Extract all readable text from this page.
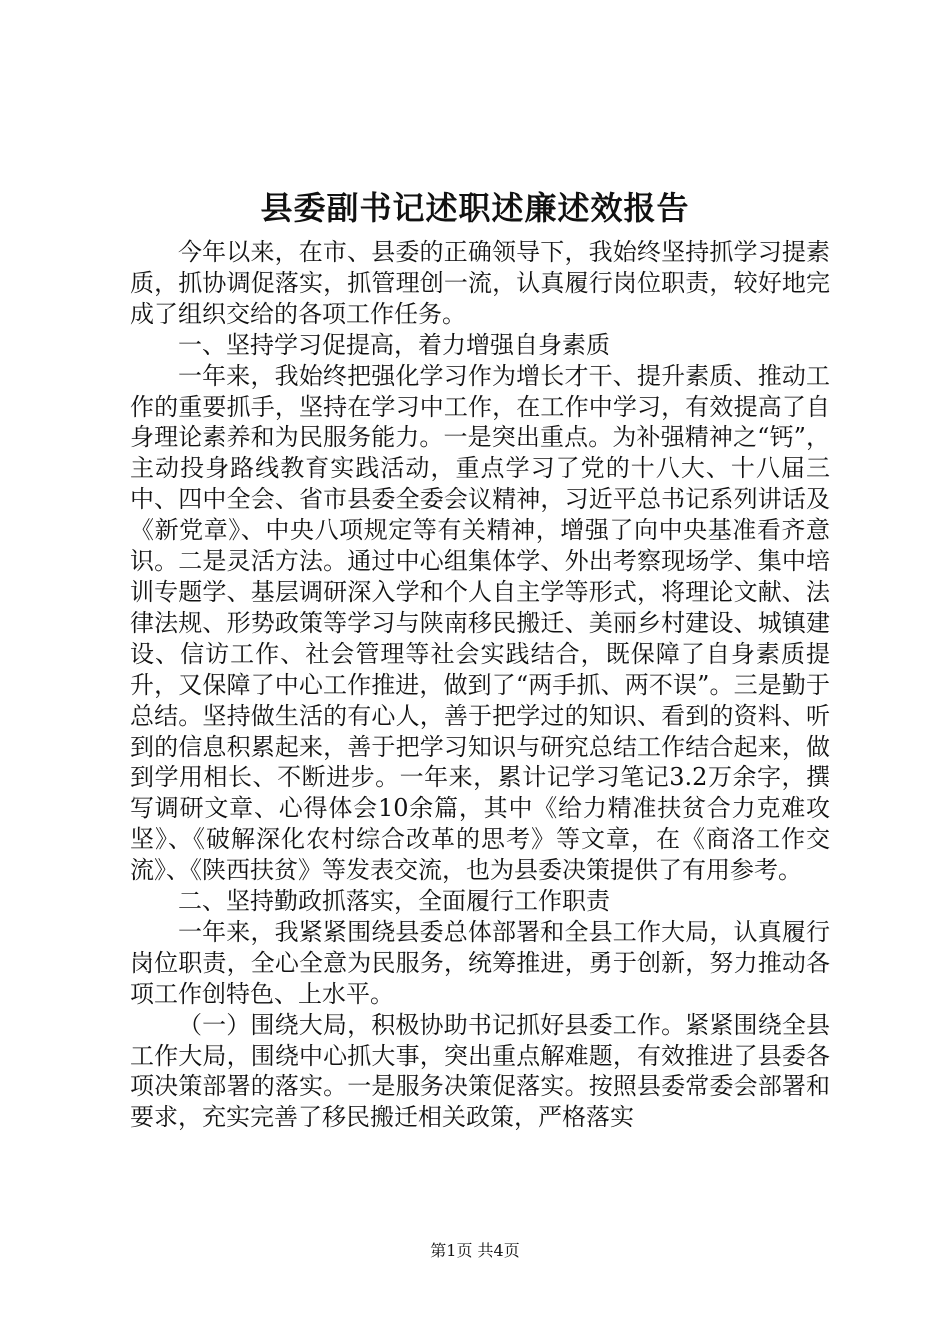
县委副书记述职述廉述效报告

今年以来，在市、县委的正确领导下，我始终坚持抓学习提素质，抓协调促落实，抓管理创一流，认真履行岗位职责，较好地完成了组织交给的各项工作任务。

一、坚持学习促提高，着力增强自身素质

一年来，我始终把强化学习作为增长才干、提升素质、推动工作的重要抓手，坚持在学习中工作，在工作中学习，有效提高了自身理论素养和为民服务能力。一是突出重点。为补强精神之“钙”，主动投身路线教育实践活动，重点学习了党的十八大、十八届三中、四中全会、省市县委全委会议精神，习近平总书记系列讲话及《新党章》、中央八项规定等有关精神，增强了向中央基准看齐意识。二是灵活方法。通过中心组集体学、外出考察现场学、集中培训专题学、基层调研深入学和个人自主学等形式，将理论文献、法律法规、形势政策等学习与陕南移民搬迁、美丽乡村建设、城镇建设、信访工作、社会管理等社会实践结合，既保障了自身素质提升，又保障了中心工作推进，做到了“两手抓、两不误”。三是勤于总结。坚持做生活的有心人，善于把学过的知识、看到的资料、听到的信息积累起来，善于把学习知识与研究总结工作结合起来，做到学用相长、不断进步。一年来，累计记学习笔记3.2万余字，撰写调研文章、心得体会10余篇，其中《给力精准扶贫合力克难攻坚》、《破解深化农村综合改革的思考》等文章，在《商洛工作交流》、《陕西扶贫》等发表交流，也为县委决策提供了有用参考。

二、坚持勤政抓落实，全面履行工作职责

一年来，我紧紧围绕县委总体部署和全县工作大局，认真履行岗位职责，全心全意为民服务，统筹推进，勇于创新，努力推动各项工作创特色、上水平。

（一）围绕大局，积极协助书记抓好县委工作。紧紧围绕全县工作大局，围绕中心抓大事，突出重点解难题，有效推进了县委各项决策部署的落实。一是服务决策促落实。按照县委常委会部署和要求，充实完善了移民搬迁相关政策，严格落实

第1页 共4页
